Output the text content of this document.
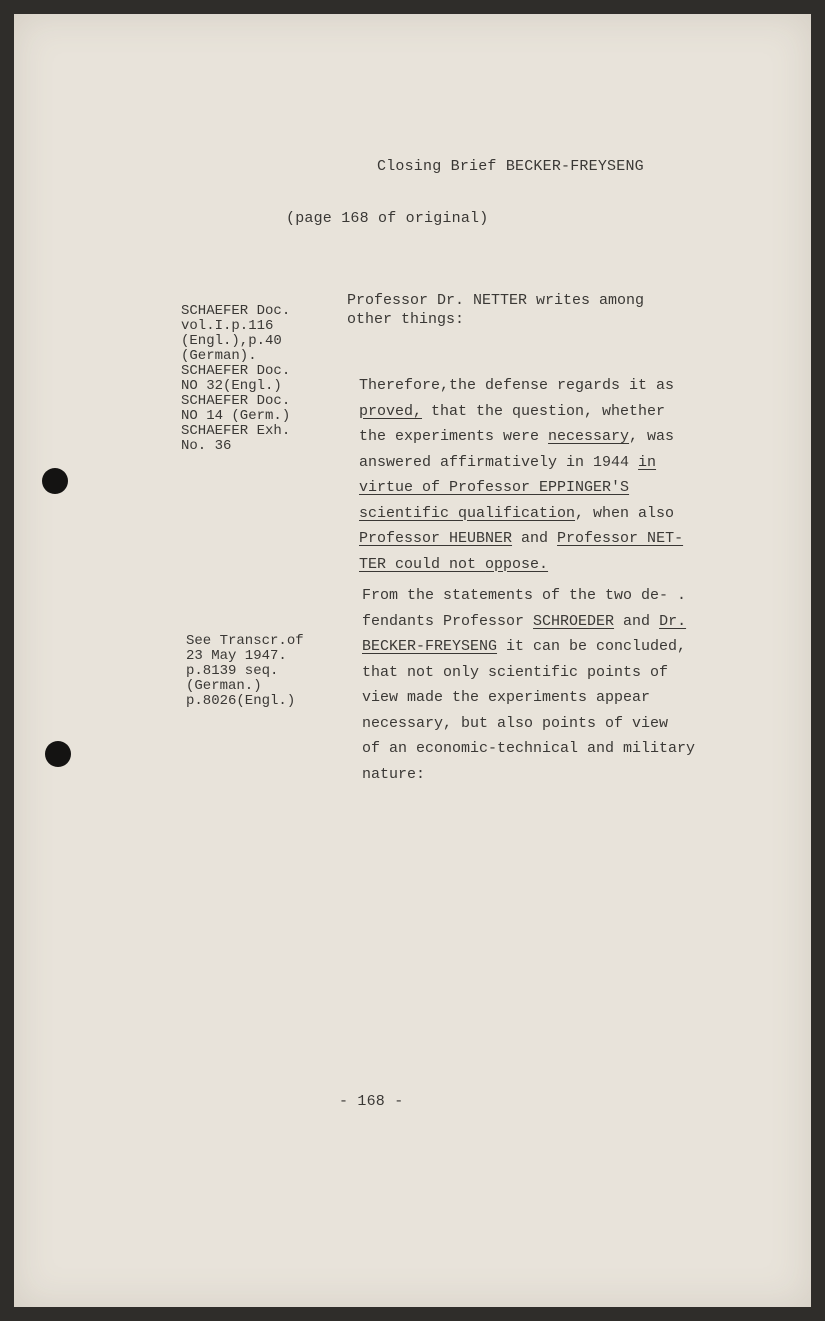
Closing Brief BECKER-FREYSENG
(page 168 of original)
SCHAEFER Doc.
vol.I.p.116
(Engl.),p.40
(German).
SCHAEFER Doc.
NO 32(Engl.)
SCHAEFER Doc.
NO 14 (Germ.)
SCHAEFER Exh.
No. 36
See Transcr.of
23 May 1947.
p.8139 seq.
(German.)
p.8026(Engl.)
Professor Dr. NETTER writes among
other things:
Therefore,the defense regards it as
proved, that the question, whether
the experiments were necessary, was
answered affirmatively in 1944 in
virtue of Professor EPPINGER'S
scientific qualification, when also
Professor HEUBNER and Professor NET-
TER could not oppose.
From the statements of the two de- .
fendants Professor SCHROEDER and Dr.
BECKER-FREYSENG it can be concluded,
that not only scientific points of
view made the experiments appear
necessary, but also points of view
of an economic-technical and military
nature:
- 168 -
